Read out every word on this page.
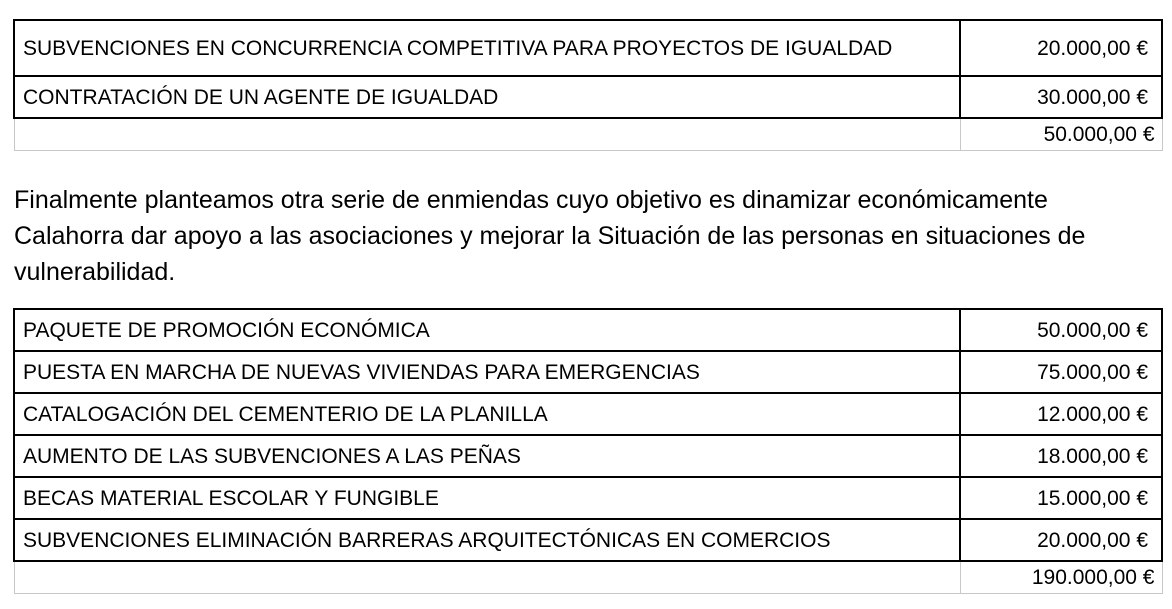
SUBVENCIONES EN CONCURRENCIA COMPETITIVA PARA PROYECTOS DE IGUALDAD	20.000,00 €
CONTRATACIÓN DE UN AGENTE DE IGUALDAD	30.000,00 €
	50.000,00 €

Finalmente planteamos otra serie de enmiendas cuyo objetivo es dinamizar económicamente Calahorra dar apoyo a las asociaciones y mejorar la Situación de las personas en situaciones de vulnerabilidad.

PAQUETE DE PROMOCIÓN ECONÓMICA	50.000,00 €
PUESTA EN MARCHA DE NUEVAS VIVIENDAS PARA EMERGENCIAS	75.000,00 €
CATALOGACIÓN DEL CEMENTERIO DE LA PLANILLA	12.000,00 €
AUMENTO DE LAS SUBVENCIONES A LAS PEÑAS	18.000,00 €
BECAS MATERIAL ESCOLAR Y FUNGIBLE	15.000,00 €
SUBVENCIONES ELIMINACIÓN BARRERAS ARQUITECTÓNICAS EN COMERCIOS	20.000,00 €
	190.000,00 €
